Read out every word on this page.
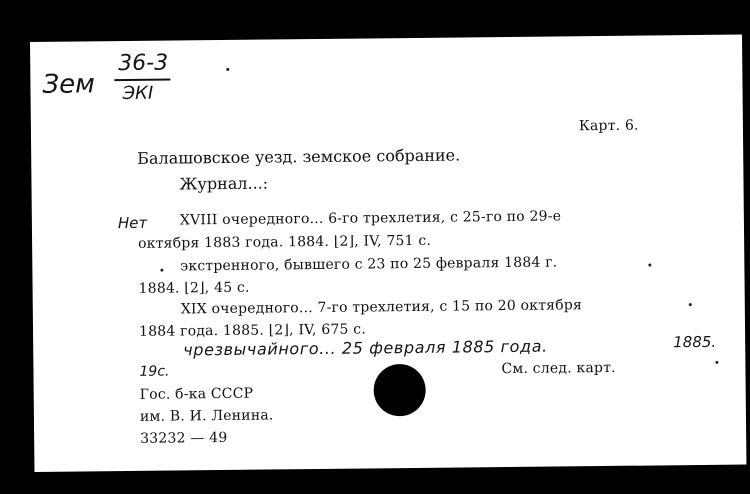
Зем
36-3
ЭКI
Карт. 6.
Балашовское уезд. земское собрание.
Журнал...:
Нет XVIII очередного... 6-го трехлетия, с 25-го по 29-е
октября 1883 года. 1884. ⌊2⌋, IV, 751 с.
экстренного, бывшего с 23 по 25 февраля 1884 г.
1884. ⌊2⌋, 45 с.
XIX очередного... 7-го трехлетия, с 15 по 20 октября
1884 года. 1885. ⌊2⌋, IV, 675 с.
чрезвычайного... 25 февраля 1885 года.	1885.
19с.	См. след. карт.
Гос. б-ка СССР
им. В. И. Ленина.
33232 — 49
